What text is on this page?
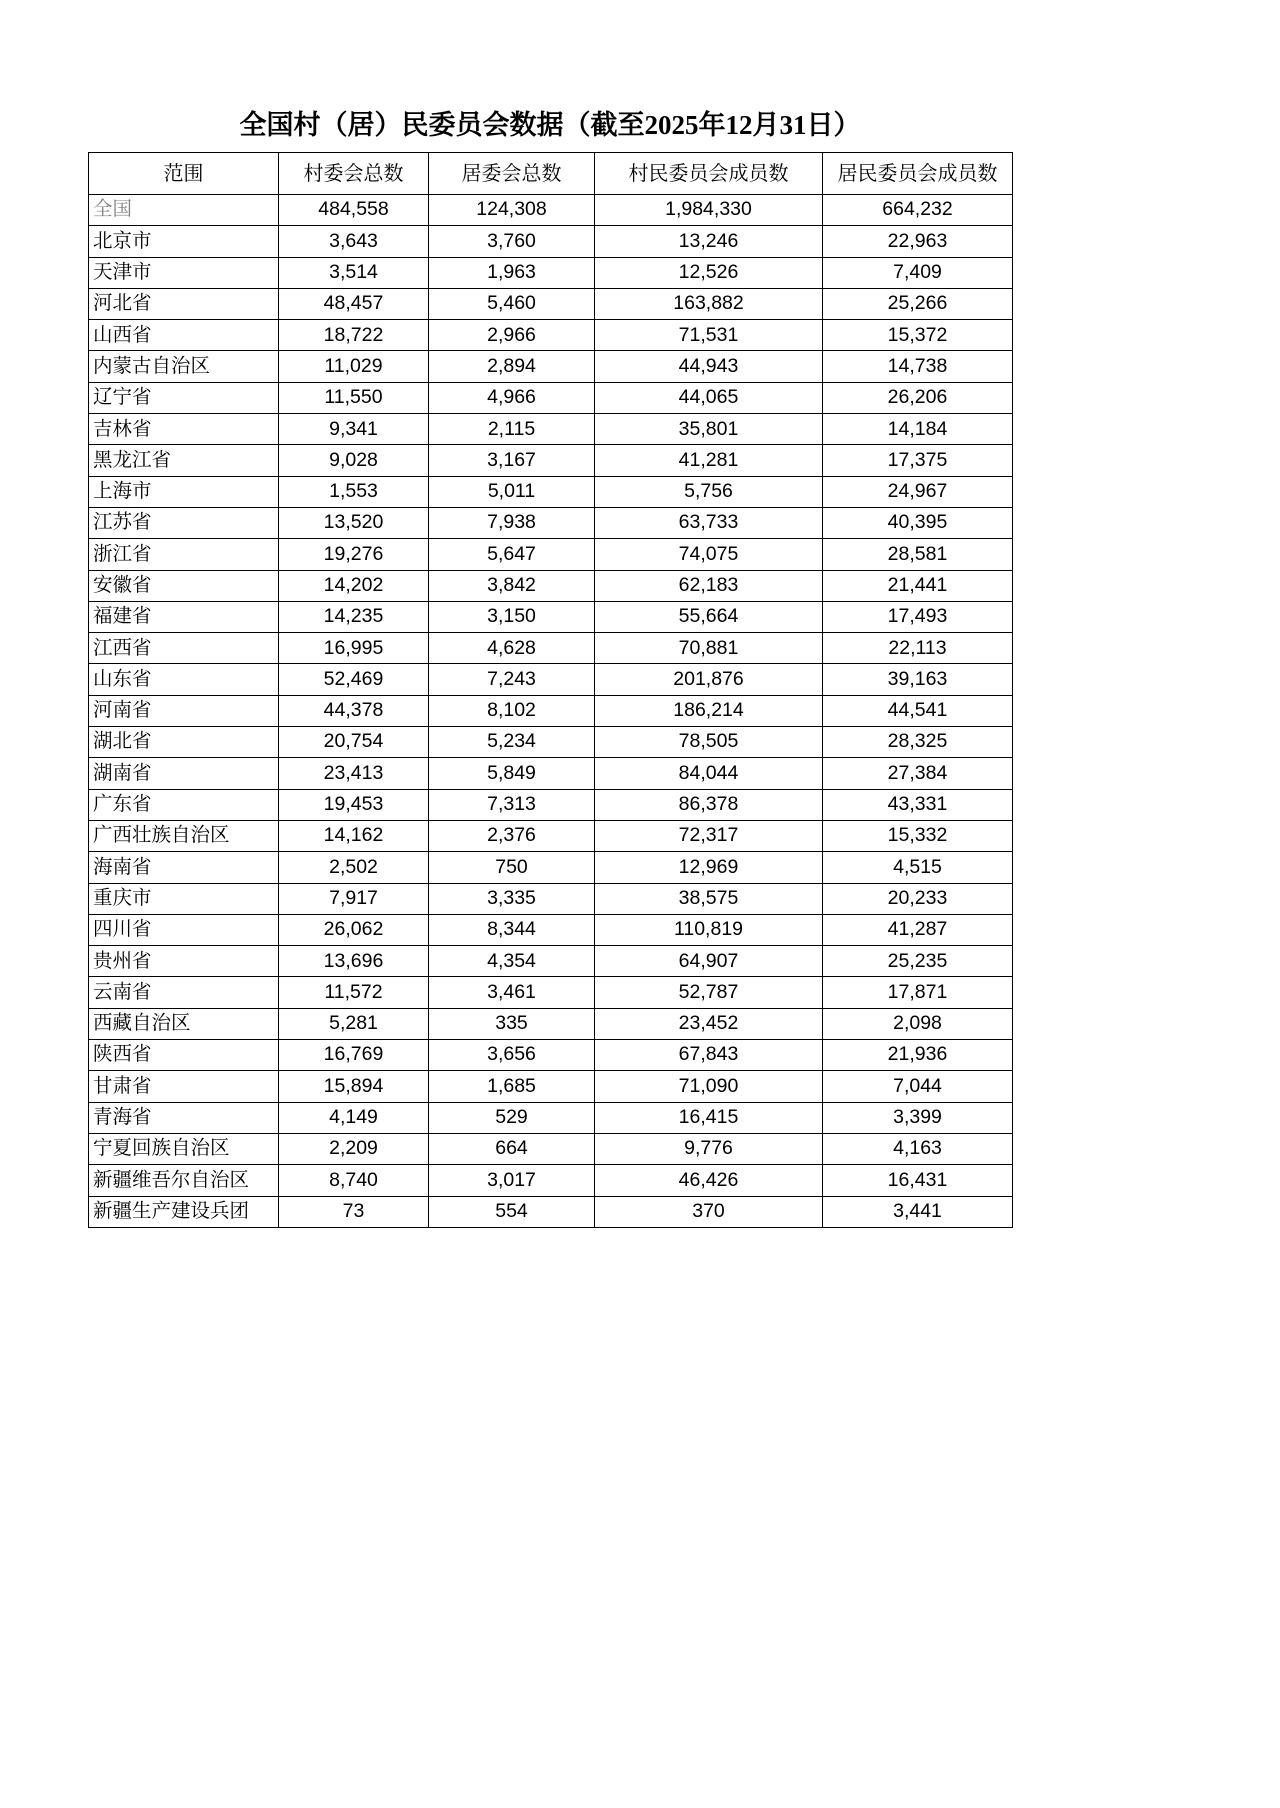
全国村（居）民委员会数据（截至2025年12月31日）
范围	村委会总数	居委会总数	村民委员会成员数	居民委员会成员数
全国	484,558	124,308	1,984,330	664,232
北京市	3,643	3,760	13,246	22,963
天津市	3,514	1,963	12,526	7,409
河北省	48,457	5,460	163,882	25,266
山西省	18,722	2,966	71,531	15,372
内蒙古自治区	11,029	2,894	44,943	14,738
辽宁省	11,550	4,966	44,065	26,206
吉林省	9,341	2,115	35,801	14,184
黑龙江省	9,028	3,167	41,281	17,375
上海市	1,553	5,011	5,756	24,967
江苏省	13,520	7,938	63,733	40,395
浙江省	19,276	5,647	74,075	28,581
安徽省	14,202	3,842	62,183	21,441
福建省	14,235	3,150	55,664	17,493
江西省	16,995	4,628	70,881	22,113
山东省	52,469	7,243	201,876	39,163
河南省	44,378	8,102	186,214	44,541
湖北省	20,754	5,234	78,505	28,325
湖南省	23,413	5,849	84,044	27,384
广东省	19,453	7,313	86,378	43,331
广西壮族自治区	14,162	2,376	72,317	15,332
海南省	2,502	750	12,969	4,515
重庆市	7,917	3,335	38,575	20,233
四川省	26,062	8,344	110,819	41,287
贵州省	13,696	4,354	64,907	25,235
云南省	11,572	3,461	52,787	17,871
西藏自治区	5,281	335	23,452	2,098
陕西省	16,769	3,656	67,843	21,936
甘肃省	15,894	1,685	71,090	7,044
青海省	4,149	529	16,415	3,399
宁夏回族自治区	2,209	664	9,776	4,163
新疆维吾尔自治区	8,740	3,017	46,426	16,431
新疆生产建设兵团	73	554	370	3,441
